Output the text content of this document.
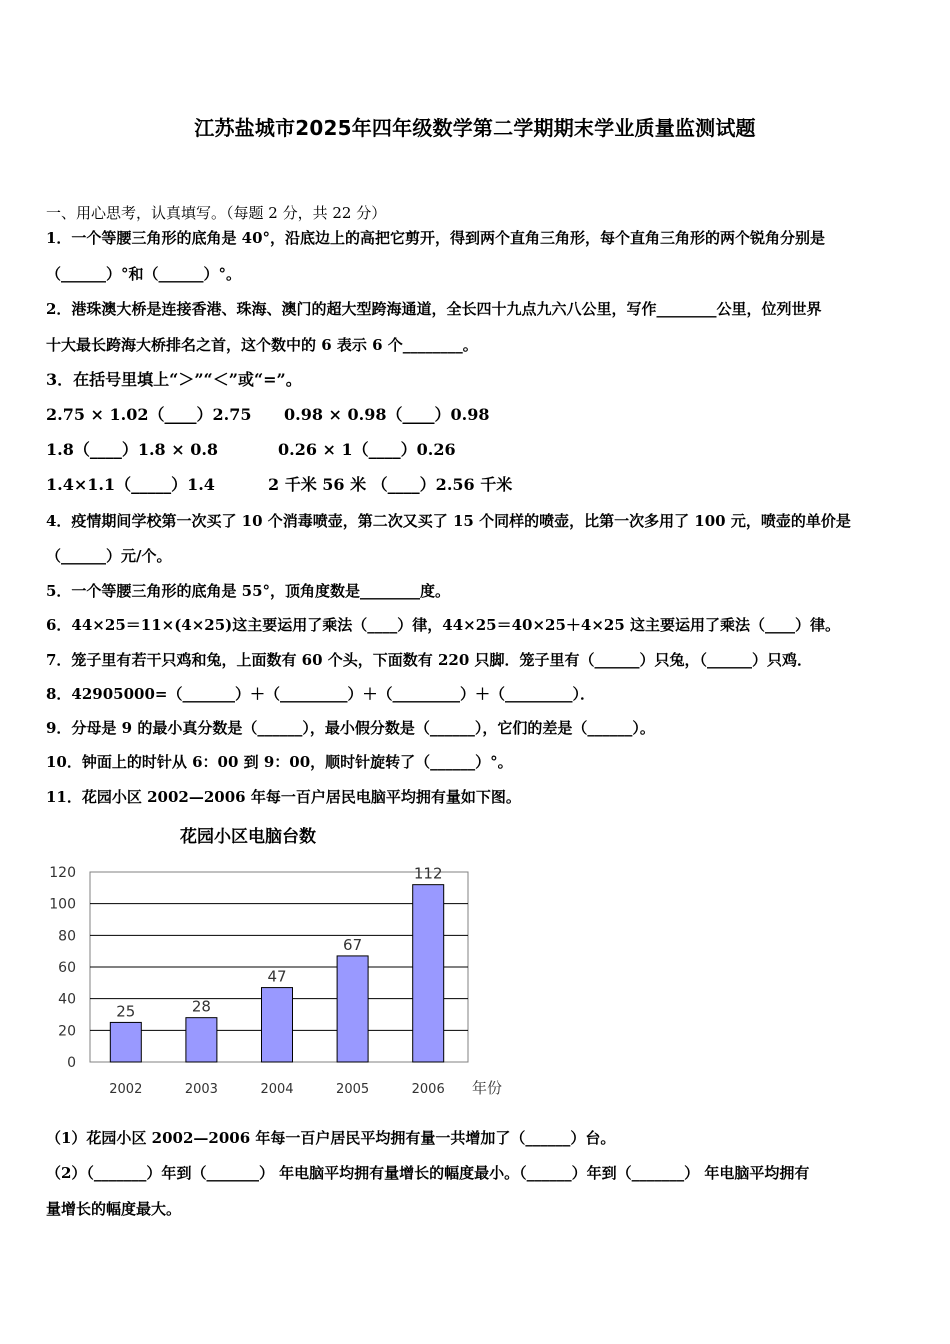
江苏盐城市2025年四年级数学第二学期期末学业质量监测试题
一、用心思考，认真填写。（每题 2 分，共 22 分）
1．一个等腰三角形的底角是 40°，沿底边上的高把它剪开，得到两个直角三角形，每个直角三角形的两个锐角分别是
（______）°和（______）°。
2．港珠澳大桥是连接香港、珠海、澳门的超大型跨海通道，全长四十九点九六八公里，写作________公里，位列世界
十大最长跨海大桥排名之首，这个数中的 6 表示 6 个________。
3．在括号里填上“＞”“＜”或“=”。
2.75 × 1.02（____）2.75 0.98 × 0.98（____）0.98
1.8（____）1.8 × 0.8	0.26 × 1（____）0.26
1.4×1.1（_____）1.4	2 千米 56 米 （____）2.56 千米
4．疫情期间学校第一次买了 10 个消毒喷壶，第二次又买了 15 个同样的喷壶，比第一次多用了 100 元，喷壶的单价是
（______）元/个。
5．一个等腰三角形的底角是 55°，顶角度数是________度。
6．44×25＝11×(4×25)这主要运用了乘法（____）律，44×25＝40×25＋4×25 这主要运用了乘法（____）律。
7．笼子里有若干只鸡和兔，上面数有 60 个头，下面数有 220 只脚．笼子里有（______）只兔，（______）只鸡．
8．42905000=（_______）＋（_________）＋（_________）＋（_________）．
9．分母是 9 的最小真分数是（______），最小假分数是（______），它们的差是（______）。
10．钟面上的时针从 6：00 到 9：00，顺时针旋转了（______）°。
11．花园小区 2002—2006 年每一百户居民电脑平均拥有量如下图。
花园小区电脑台数
0
20
40
60
80
100
120
25
2002
28
2003
47
2004
67
2005
112
2006 年份
（1）花园小区 2002—2006 年每一百户居民平均拥有量一共增加了（______）台。
（2）（_______）年到（_______） 年电脑平均拥有量增长的幅度最小。（______）年到（_______） 年电脑平均拥有
量增长的幅度最大。
